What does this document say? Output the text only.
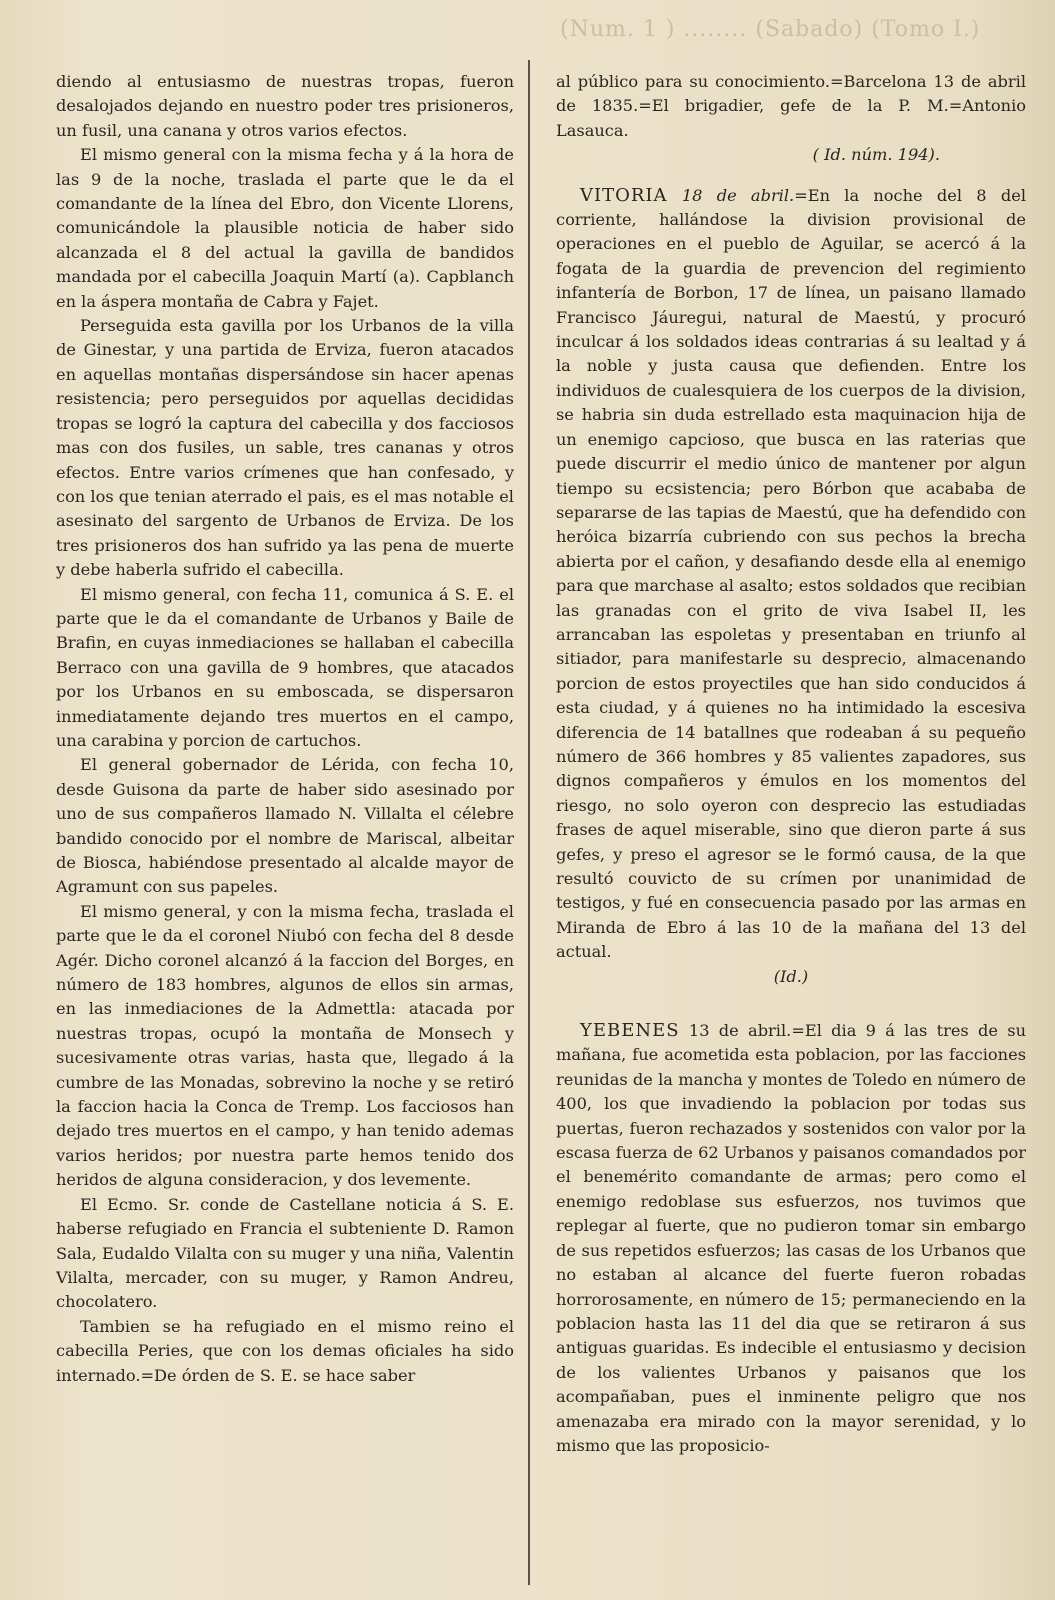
(Num. 1 ) ........ (Sabado) (Tomo I.)

diendo al entusiasmo de nuestras tropas, fueron desalojados dejando en nuestro poder tres prisioneros, un fusil, una canana y otros varios efectos.

El mismo general con la misma fecha y á la hora de las 9 de la noche, traslada el parte que le da el comandante de la línea del Ebro, don Vicente Llorens, comunicándole la plausible noticia de haber sido alcanzada el 8 del actual la gavilla de bandidos mandada por el cabecilla Joaquin Martí (a). Capblanch en la áspera montaña de Cabra y Fajet.

Perseguida esta gavilla por los Urbanos de la villa de Ginestar, y una partida de Erviza, fueron atacados en aquellas montañas dispersándose sin hacer apenas resistencia; pero perseguidos por aquellas decididas tropas se logró la captura del cabecilla y dos facciosos mas con dos fusiles, un sable, tres cananas y otros efectos. Entre varios crímenes que han confesado, y con los que tenian aterrado el pais, es el mas notable el asesinato del sargento de Urbanos de Erviza. De los tres prisioneros dos han sufrido ya las pena de muerte y debe haberla sufrido el cabecilla.

El mismo general, con fecha 11, comunica á S. E. el parte que le da el comandante de Urbanos y Baile de Brafin, en cuyas inmediaciones se hallaban el cabecilla Berraco con una gavilla de 9 hombres, que atacados por los Urbanos en su emboscada, se dispersaron inmediatamente dejando tres muertos en el campo, una carabina y porcion de cartuchos.

El general gobernador de Lérida, con fecha 10, desde Guisona da parte de haber sido asesinado por uno de sus compañeros llamado N. Villalta el célebre bandido conocido por el nombre de Mariscal, albeitar de Biosca, habiéndose presentado al alcalde mayor de Agramunt con sus papeles.

El mismo general, y con la misma fecha, traslada el parte que le da el coronel Niubó con fecha del 8 desde Agér. Dicho coronel alcanzó á la faccion del Borges, en número de 183 hombres, algunos de ellos sin armas, en las inmediaciones de la Admettla: atacada por nuestras tropas, ocupó la montaña de Monsech y sucesivamente otras varias, hasta que, llegado á la cumbre de las Monadas, sobrevino la noche y se retiró la faccion hacia la Conca de Tremp. Los facciosos han dejado tres muertos en el campo, y han tenido ademas varios heridos; por nuestra parte hemos tenido dos heridos de alguna consideracion, y dos levemente.

El Ecmo. Sr. conde de Castellane noticia á S. E. haberse refugiado en Francia el subteniente D. Ramon Sala, Eudaldo Vilalta con su muger y una niña, Valentin Vilalta, mercader, con su muger, y Ramon Andreu, chocolatero.

Tambien se ha refugiado en el mismo reino el cabecilla Peries, que con los demas oficiales ha sido internado.=De órden de S. E. se hace saber

al público para su conocimiento.=Barcelona 13 de abril de 1835.=El brigadier, gefe de la P. M.=Antonio Lasauca.

( Id. núm. 194).

VITORIA 18 de abril.=En la noche del 8 del corriente, hallándose la division provisional de operaciones en el pueblo de Aguilar, se acercó á la fogata de la guardia de prevencion del regimiento infantería de Borbon, 17 de línea, un paisano llamado Francisco Jáuregui, natural de Maestú, y procuró inculcar á los soldados ideas contrarias á su lealtad y á la noble y justa causa que defienden. Entre los individuos de cualesquiera de los cuerpos de la division, se habria sin duda estrellado esta maquinacion hija de un enemigo capcioso, que busca en las raterias que puede discurrir el medio único de mantener por algun tiempo su ecsistencia; pero Bórbon que acababa de separarse de las tapias de Maestú, que ha defendido con heróica bizarría cubriendo con sus pechos la brecha abierta por el cañon, y desafiando desde ella al enemigo para que marchase al asalto; estos soldados que recibian las granadas con el grito de viva Isabel II, les arrancaban las espoletas y presentaban en triunfo al sitiador, para manifestarle su desprecio, almacenando porcion de estos proyectiles que han sido conducidos á esta ciudad, y á quienes no ha intimidado la escesiva diferencia de 14 batallnes que rodeaban á su pequeño número de 366 hombres y 85 valientes zapadores, sus dignos compañeros y émulos en los momentos del riesgo, no solo oyeron con desprecio las estudiadas frases de aquel miserable, sino que dieron parte á sus gefes, y preso el agresor se le formó causa, de la que resultó couvicto de su crímen por unanimidad de testigos, y fué en consecuencia pasado por las armas en Miranda de Ebro á las 10 de la mañana del 13 del actual.

(Id.)

YEBENES 13 de abril.=El dia 9 á las tres de su mañana, fue acometida esta poblacion, por las facciones reunidas de la mancha y montes de Toledo en número de 400, los que invadiendo la poblacion por todas sus puertas, fueron rechazados y sostenidos con valor por la escasa fuerza de 62 Urbanos y paisanos comandados por el benemérito comandante de armas; pero como el enemigo redoblase sus esfuerzos, nos tuvimos que replegar al fuerte, que no pudieron tomar sin embargo de sus repetidos esfuerzos; las casas de los Urbanos que no estaban al alcance del fuerte fueron robadas horrorosamente, en número de 15; permaneciendo en la poblacion hasta las 11 del dia que se retiraron á sus antiguas guaridas. Es indecible el entusiasmo y decision de los valientes Urbanos y paisanos que los acompañaban, pues el inminente peligro que nos amenazaba era mirado con la mayor serenidad, y lo mismo que las proposicio-
